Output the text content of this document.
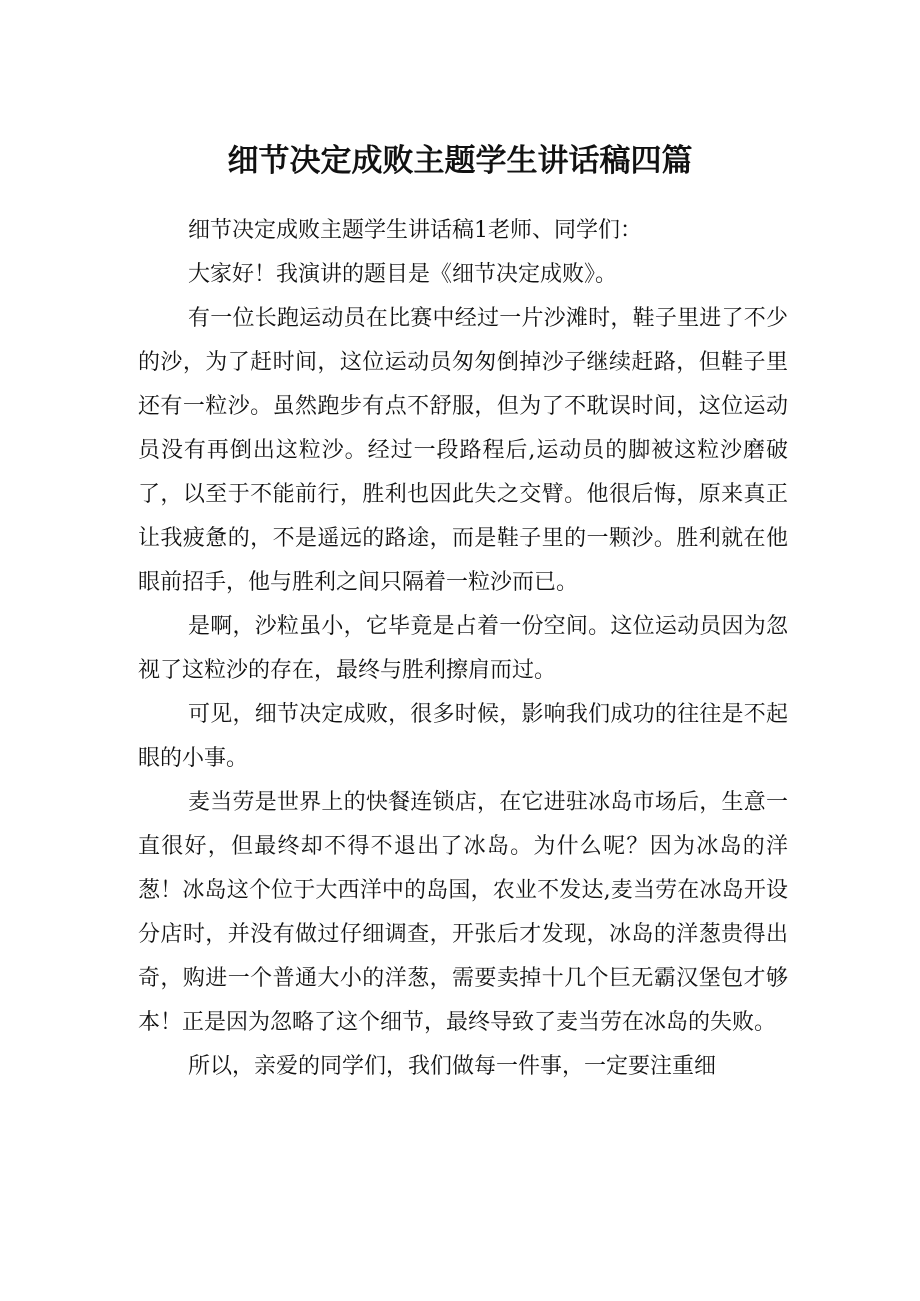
细节决定成败主题学生讲话稿四篇

细节决定成败主题学生讲话稿1老师、同学们：

大家好！我演讲的题目是《细节决定成败》。

有一位长跑运动员在比赛中经过一片沙滩时，鞋子里进了不少的沙，为了赶时间，这位运动员匆匆倒掉沙子继续赶路，但鞋子里还有一粒沙。虽然跑步有点不舒服，但为了不耽误时间，这位运动员没有再倒出这粒沙。经过一段路程后,运动员的脚被这粒沙磨破了，以至于不能前行，胜利也因此失之交臂。他很后悔，原来真正让我疲惫的，不是遥远的路途，而是鞋子里的一颗沙。胜利就在他眼前招手，他与胜利之间只隔着一粒沙而已。

是啊，沙粒虽小，它毕竟是占着一份空间。这位运动员因为忽视了这粒沙的存在，最终与胜利擦肩而过。

可见，细节决定成败，很多时候，影响我们成功的往往是不起眼的小事。

麦当劳是世界上的快餐连锁店，在它进驻冰岛市场后，生意一直很好，但最终却不得不退出了冰岛。为什么呢？因为冰岛的洋葱！冰岛这个位于大西洋中的岛国，农业不发达,麦当劳在冰岛开设分店时，并没有做过仔细调查，开张后才发现，冰岛的洋葱贵得出奇，购进一个普通大小的洋葱，需要卖掉十几个巨无霸汉堡包才够本！正是因为忽略了这个细节，最终导致了麦当劳在冰岛的失败。

所以，亲爱的同学们，我们做每一件事，一定要注重细
